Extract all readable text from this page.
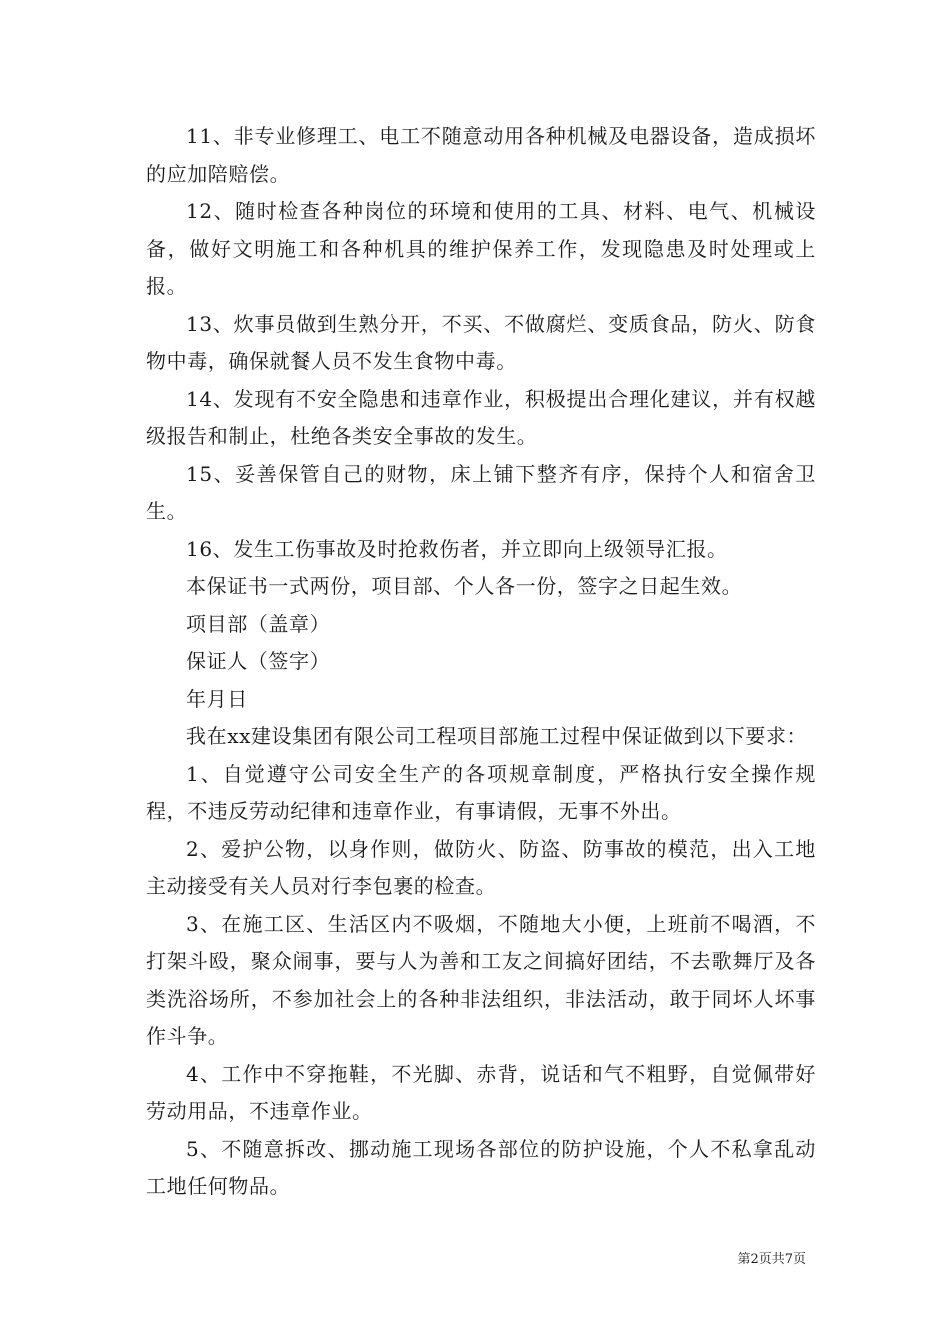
11、非专业修理工、电工不随意动用各种机械及电器设备，造成损坏的应加陪赔偿。

12、随时检查各种岗位的环境和使用的工具、材料、电气、机械设备，做好文明施工和各种机具的维护保养工作，发现隐患及时处理或上报。

13、炊事员做到生熟分开，不买、不做腐烂、变质食品，防火、防食物中毒，确保就餐人员不发生食物中毒。

14、发现有不安全隐患和违章作业，积极提出合理化建议，并有权越级报告和制止，杜绝各类安全事故的发生。

15、妥善保管自己的财物，床上铺下整齐有序，保持个人和宿舍卫生。

16、发生工伤事故及时抢救伤者，并立即向上级领导汇报。

本保证书一式两份，项目部、个人各一份，签字之日起生效。

项目部（盖章）

保证人（签字）

年月日

我在xx建设集团有限公司工程项目部施工过程中保证做到以下要求：

1、自觉遵守公司安全生产的各项规章制度，严格执行安全操作规程，不违反劳动纪律和违章作业，有事请假，无事不外出。

2、爱护公物，以身作则，做防火、防盗、防事故的模范，出入工地主动接受有关人员对行李包裹的检查。

3、在施工区、生活区内不吸烟，不随地大小便，上班前不喝酒，不打架斗殴，聚众闹事，要与人为善和工友之间搞好团结，不去歌舞厅及各类洗浴场所，不参加社会上的各种非法组织，非法活动，敢于同坏人坏事作斗争。

4、工作中不穿拖鞋，不光脚、赤背，说话和气不粗野，自觉佩带好劳动用品，不违章作业。

5、不随意拆改、挪动施工现场各部位的防护设施，个人不私拿乱动工地任何物品。

第2页共7页
